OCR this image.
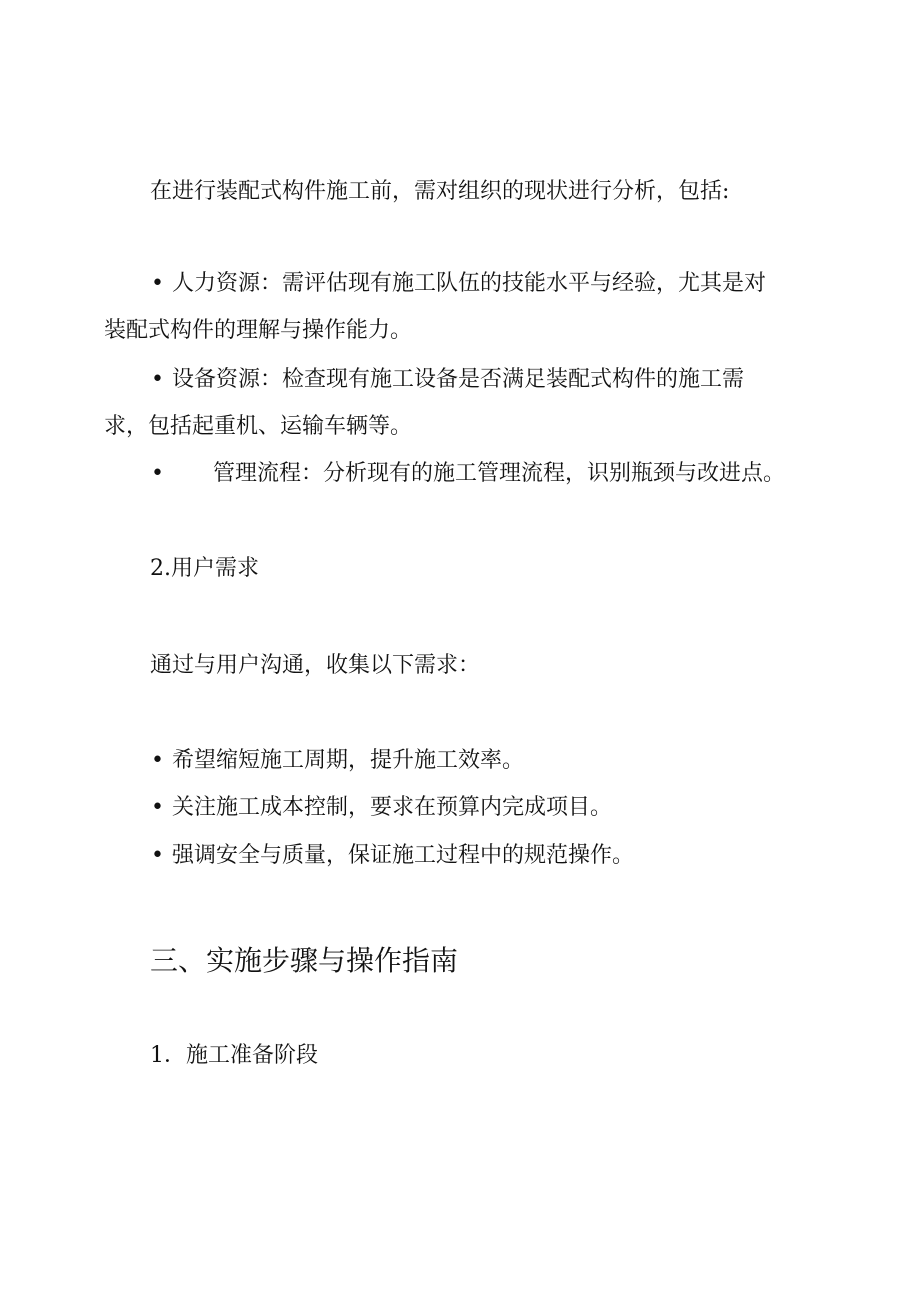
在进行装配式构件施工前，需对组织的现状进行分析，包括:
• 人力资源：需评估现有施工队伍的技能水平与经验，尤其是对
装配式构件的理解与操作能力。
• 设备资源：检查现有施工设备是否满足装配式构件的施工需
求，包括起重机、运输车辆等。
• 管理流程：分析现有的施工管理流程，识别瓶颈与改进点。
2.用户需求
通过与用户沟通，收集以下需求：
• 希望缩短施工周期，提升施工效率。
• 关注施工成本控制，要求在预算内完成项目。
• 强调安全与质量，保证施工过程中的规范操作。
三、实施步骤与操作指南
1．施工准备阶段
